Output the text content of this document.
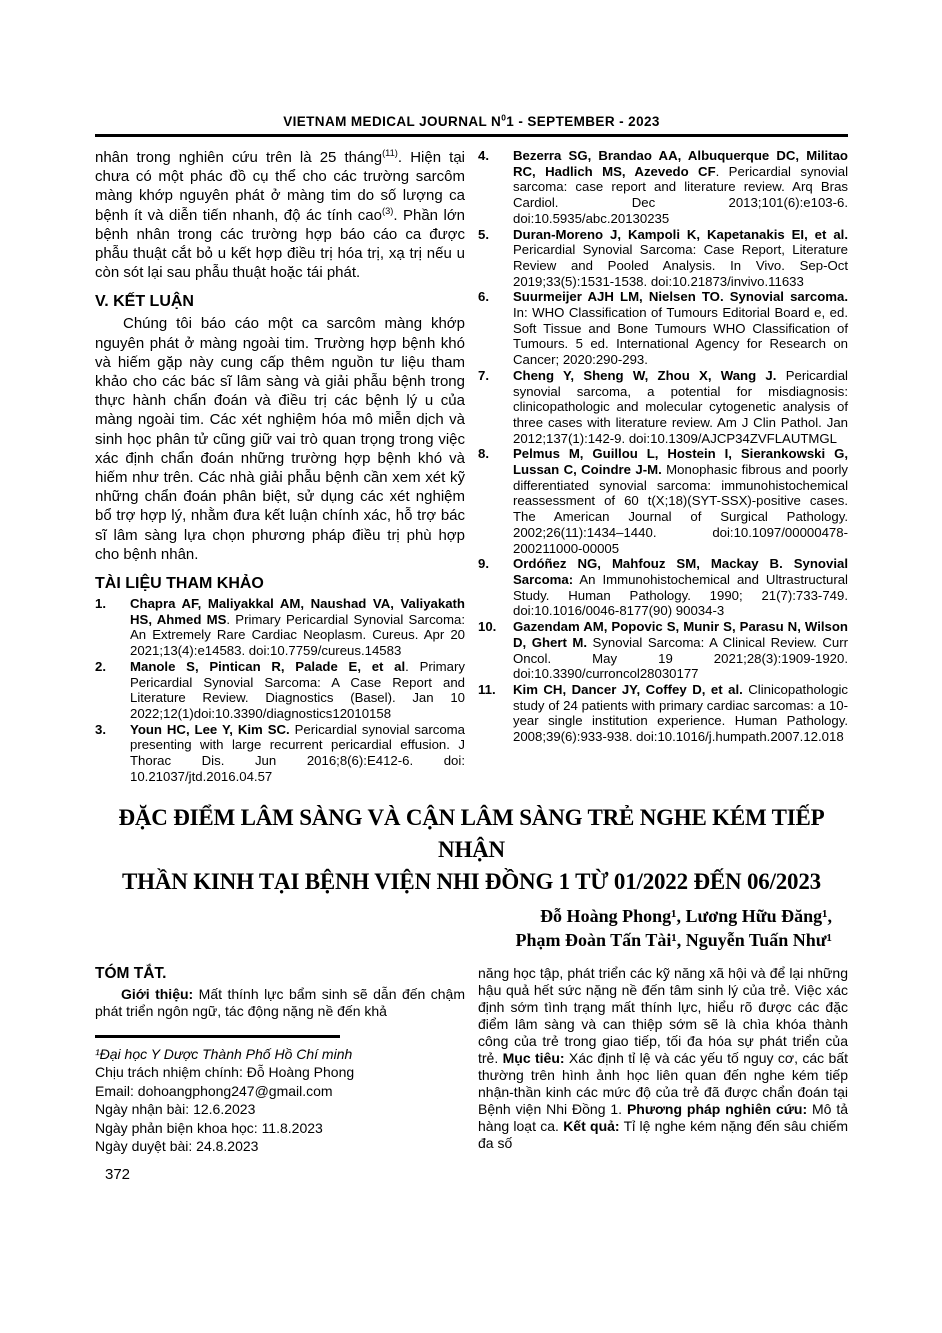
VIETNAM MEDICAL JOURNAL $N^01$ - SEPTEMBER - 2023

nhân trong nghiên cứu trên là 25 tháng$^{(11)}$. Hiện tại chưa có một phác đồ cụ thể cho các trường sarcôm màng khớp nguyên phát ở màng tim do số lượng ca bệnh ít và diễn tiến nhanh, độ ác tính cao$^{(3)}$. Phần lớn bệnh nhân trong các trường hợp báo cáo ca được phẫu thuật cắt bỏ u kết hợp điều trị hóa trị, xạ trị nếu u còn sót lại sau phẫu thuật hoặc tái phát.

V. KẾT LUẬN

Chúng tôi báo cáo một ca sarcôm màng khớp nguyên phát ở màng ngoài tim. Trường hợp bệnh khó và hiếm gặp này cung cấp thêm nguồn tư liệu tham khảo cho các bác sĩ lâm sàng và giải phẫu bệnh trong thực hành chẩn đoán và điều trị các bệnh lý u của màng ngoài tim. Các xét nghiệm hóa mô miễn dịch và sinh học phân tử cũng giữ vai trò quan trọng trong việc xác định chẩn đoán những trường hợp bệnh khó và hiếm như trên. Các nhà giải phẫu bệnh cần xem xét kỹ những chẩn đoán phân biệt, sử dụng các xét nghiệm bổ trợ hợp lý, nhằm đưa kết luận chính xác, hỗ trợ bác sĩ lâm sàng lựa chọn phương pháp điều trị phù hợp cho bệnh nhân.

TÀI LIỆU THAM KHẢO
1. Chapra AF, Maliyakkal AM, Naushad VA, Valiyakath HS, Ahmed MS. Primary Pericardial Synovial Sarcoma: An Extremely Rare Cardiac Neoplasm. Cureus. Apr 20 2021;13(4):e14583. doi:10.7759/cureus.14583
2. Manole S, Pintican R, Palade E, et al. Primary Pericardial Synovial Sarcoma: A Case Report and Literature Review. Diagnostics (Basel). Jan 10 2022;12(1)doi:10.3390/diagnostics12010158
3. Youn HC, Lee Y, Kim SC. Pericardial synovial sarcoma presenting with large recurrent pericardial effusion. J Thorac Dis. Jun 2016;8(6):E412-6. doi: 10.21037/jtd.2016.04.57
4. Bezerra SG, Brandao AA, Albuquerque DC, Militao RC, Hadlich MS, Azevedo CF. Pericardial synovial sarcoma: case report and literature review. Arq Bras Cardiol. Dec 2013;101(6):e103-6. doi:10.5935/abc.20130235
5. Duran-Moreno J, Kampoli K, Kapetanakis EI, et al. Pericardial Synovial Sarcoma: Case Report, Literature Review and Pooled Analysis. In Vivo. Sep-Oct 2019;33(5):1531-1538. doi:10.21873/invivo.11633
6. Suurmeijer AJH LM, Nielsen TO. Synovial sarcoma. In: WHO Classification of Tumours Editorial Board e, ed. Soft Tissue and Bone Tumours WHO Classification of Tumours. 5 ed. International Agency for Research on Cancer; 2020:290-293.
7. Cheng Y, Sheng W, Zhou X, Wang J. Pericardial synovial sarcoma, a potential for misdiagnosis: clinicopathologic and molecular cytogenetic analysis of three cases with literature review. Am J Clin Pathol. Jan 2012;137(1):142-9. doi:10.1309/AJCP34ZVFLAUTMGL
8. Pelmus M, Guillou L, Hostein I, Sierankowski G, Lussan C, Coindre J-M. Monophasic fibrous and poorly differentiated synovial sarcoma: immunohistochemical reassessment of 60 t(X;18)(SYT-SSX)-positive cases. The American Journal of Surgical Pathology. 2002;26(11):1434–1440. doi:10.1097/00000478-200211000-00005
9. Ordóñez NG, Mahfouz SM, Mackay B. Synovial Sarcoma: An Immunohistochemical and Ultrastructural Study. Human Pathology. 1990; 21(7):733-749. doi:10.1016/0046-8177(90) 90034-3
10. Gazendam AM, Popovic S, Munir S, Parasu N, Wilson D, Ghert M. Synovial Sarcoma: A Clinical Review. Curr Oncol. May 19 2021;28(3):1909-1920. doi:10.3390/curroncol28030177
11. Kim CH, Dancer JY, Coffey D, et al. Clinicopathologic study of 24 patients with primary cardiac sarcomas: a 10-year single institution experience. Human Pathology. 2008;39(6):933-938. doi:10.1016/j.humpath.2007.12.018
ĐẶC ĐIỂM LÂM SÀNG VÀ CẬN LÂM SÀNG TRẺ NGHE KÉM TIẾP NHẬN
THẦN KINH TẠI BỆNH VIỆN NHI ĐỒNG 1 TỪ 01/2022 ĐẾN 06/2023
Đỗ Hoàng Phong¹, Lương Hữu Đăng¹,
Phạm Đoàn Tấn Tài¹, Nguyễn Tuấn Như¹
TÓM TẮT.

Giới thiệu: Mất thính lực bẩm sinh sẽ dẫn đến chậm phát triển ngôn ngữ, tác động nặng nề đến khả

¹Đại học Y Dược Thành Phố Hồ Chí minh
Chịu trách nhiệm chính: Đỗ Hoàng Phong
Email: dohoangphong247@gmail.com
Ngày nhận bài: 12.6.2023
Ngày phản biện khoa học: 11.8.2023
Ngày duyệt bài: 24.8.2023
372

năng học tập, phát triển các kỹ năng xã hội và để lại những hậu quả hết sức nặng nề đến tâm sinh lý của trẻ. Việc xác định sớm tình trạng mất thính lực, hiểu rõ được các đặc điểm lâm sàng và can thiệp sớm sẽ là chìa khóa thành công của trẻ trong giao tiếp, tối đa hóa sự phát triển của trẻ. Mục tiêu: Xác định tỉ lệ và các yếu tố nguy cơ, các bất thường trên hình ảnh học liên quan đến nghe kém tiếp nhận-thần kinh các mức độ của trẻ đã được chẩn đoán tại Bệnh viện Nhi Đồng 1. Phương pháp nghiên cứu: Mô tả hàng loạt ca. Kết quả: Tỉ lệ nghe kém nặng đến sâu chiếm đa số
